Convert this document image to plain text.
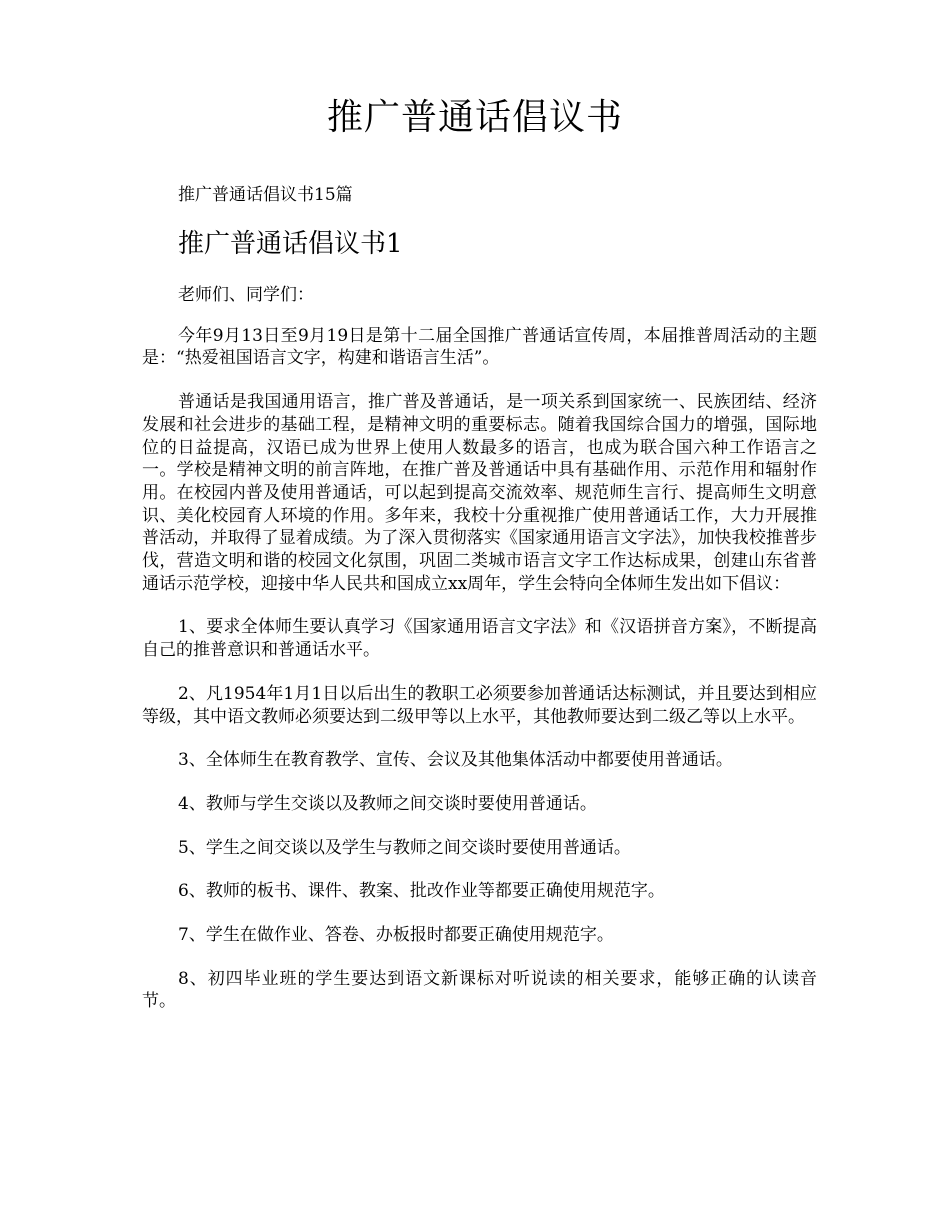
推广普通话倡议书

推广普通话倡议书15篇

推广普通话倡议书1

老师们、同学们：

今年9月13日至9月19日是第十二届全国推广普通话宣传周，本届推普周活动的主题是：“热爱祖国语言文字，构建和谐语言生活”。

普通话是我国通用语言，推广普及普通话，是一项关系到国家统一、民族团结、经济发展和社会进步的基础工程，是精神文明的重要标志。随着我国综合国力的增强，国际地位的日益提高，汉语已成为世界上使用人数最多的语言，也成为联合国六种工作语言之一。学校是精神文明的前言阵地，在推广普及普通话中具有基础作用、示范作用和辐射作用。在校园内普及使用普通话，可以起到提高交流效率、规范师生言行、提高师生文明意识、美化校园育人环境的作用。多年来，我校十分重视推广使用普通话工作，大力开展推普活动，并取得了显着成绩。为了深入贯彻落实《国家通用语言文字法》，加快我校推普步伐，营造文明和谐的校园文化氛围，巩固二类城市语言文字工作达标成果，创建山东省普通话示范学校，迎接中华人民共和国成立xx周年，学生会特向全体师生发出如下倡议：

1、要求全体师生要认真学习《国家通用语言文字法》和《汉语拼音方案》，不断提高自己的推普意识和普通话水平。

2、凡1954年1月1日以后出生的教职工必须要参加普通话达标测试，并且要达到相应等级，其中语文教师必须要达到二级甲等以上水平，其他教师要达到二级乙等以上水平。

3、全体师生在教育教学、宣传、会议及其他集体活动中都要使用普通话。

4、教师与学生交谈以及教师之间交谈时要使用普通话。

5、学生之间交谈以及学生与教师之间交谈时要使用普通话。

6、教师的板书、课件、教案、批改作业等都要正确使用规范字。

7、学生在做作业、答卷、办板报时都要正确使用规范字。

8、初四毕业班的学生要达到语文新课标对听说读的相关要求，能够正确的认读音节。
